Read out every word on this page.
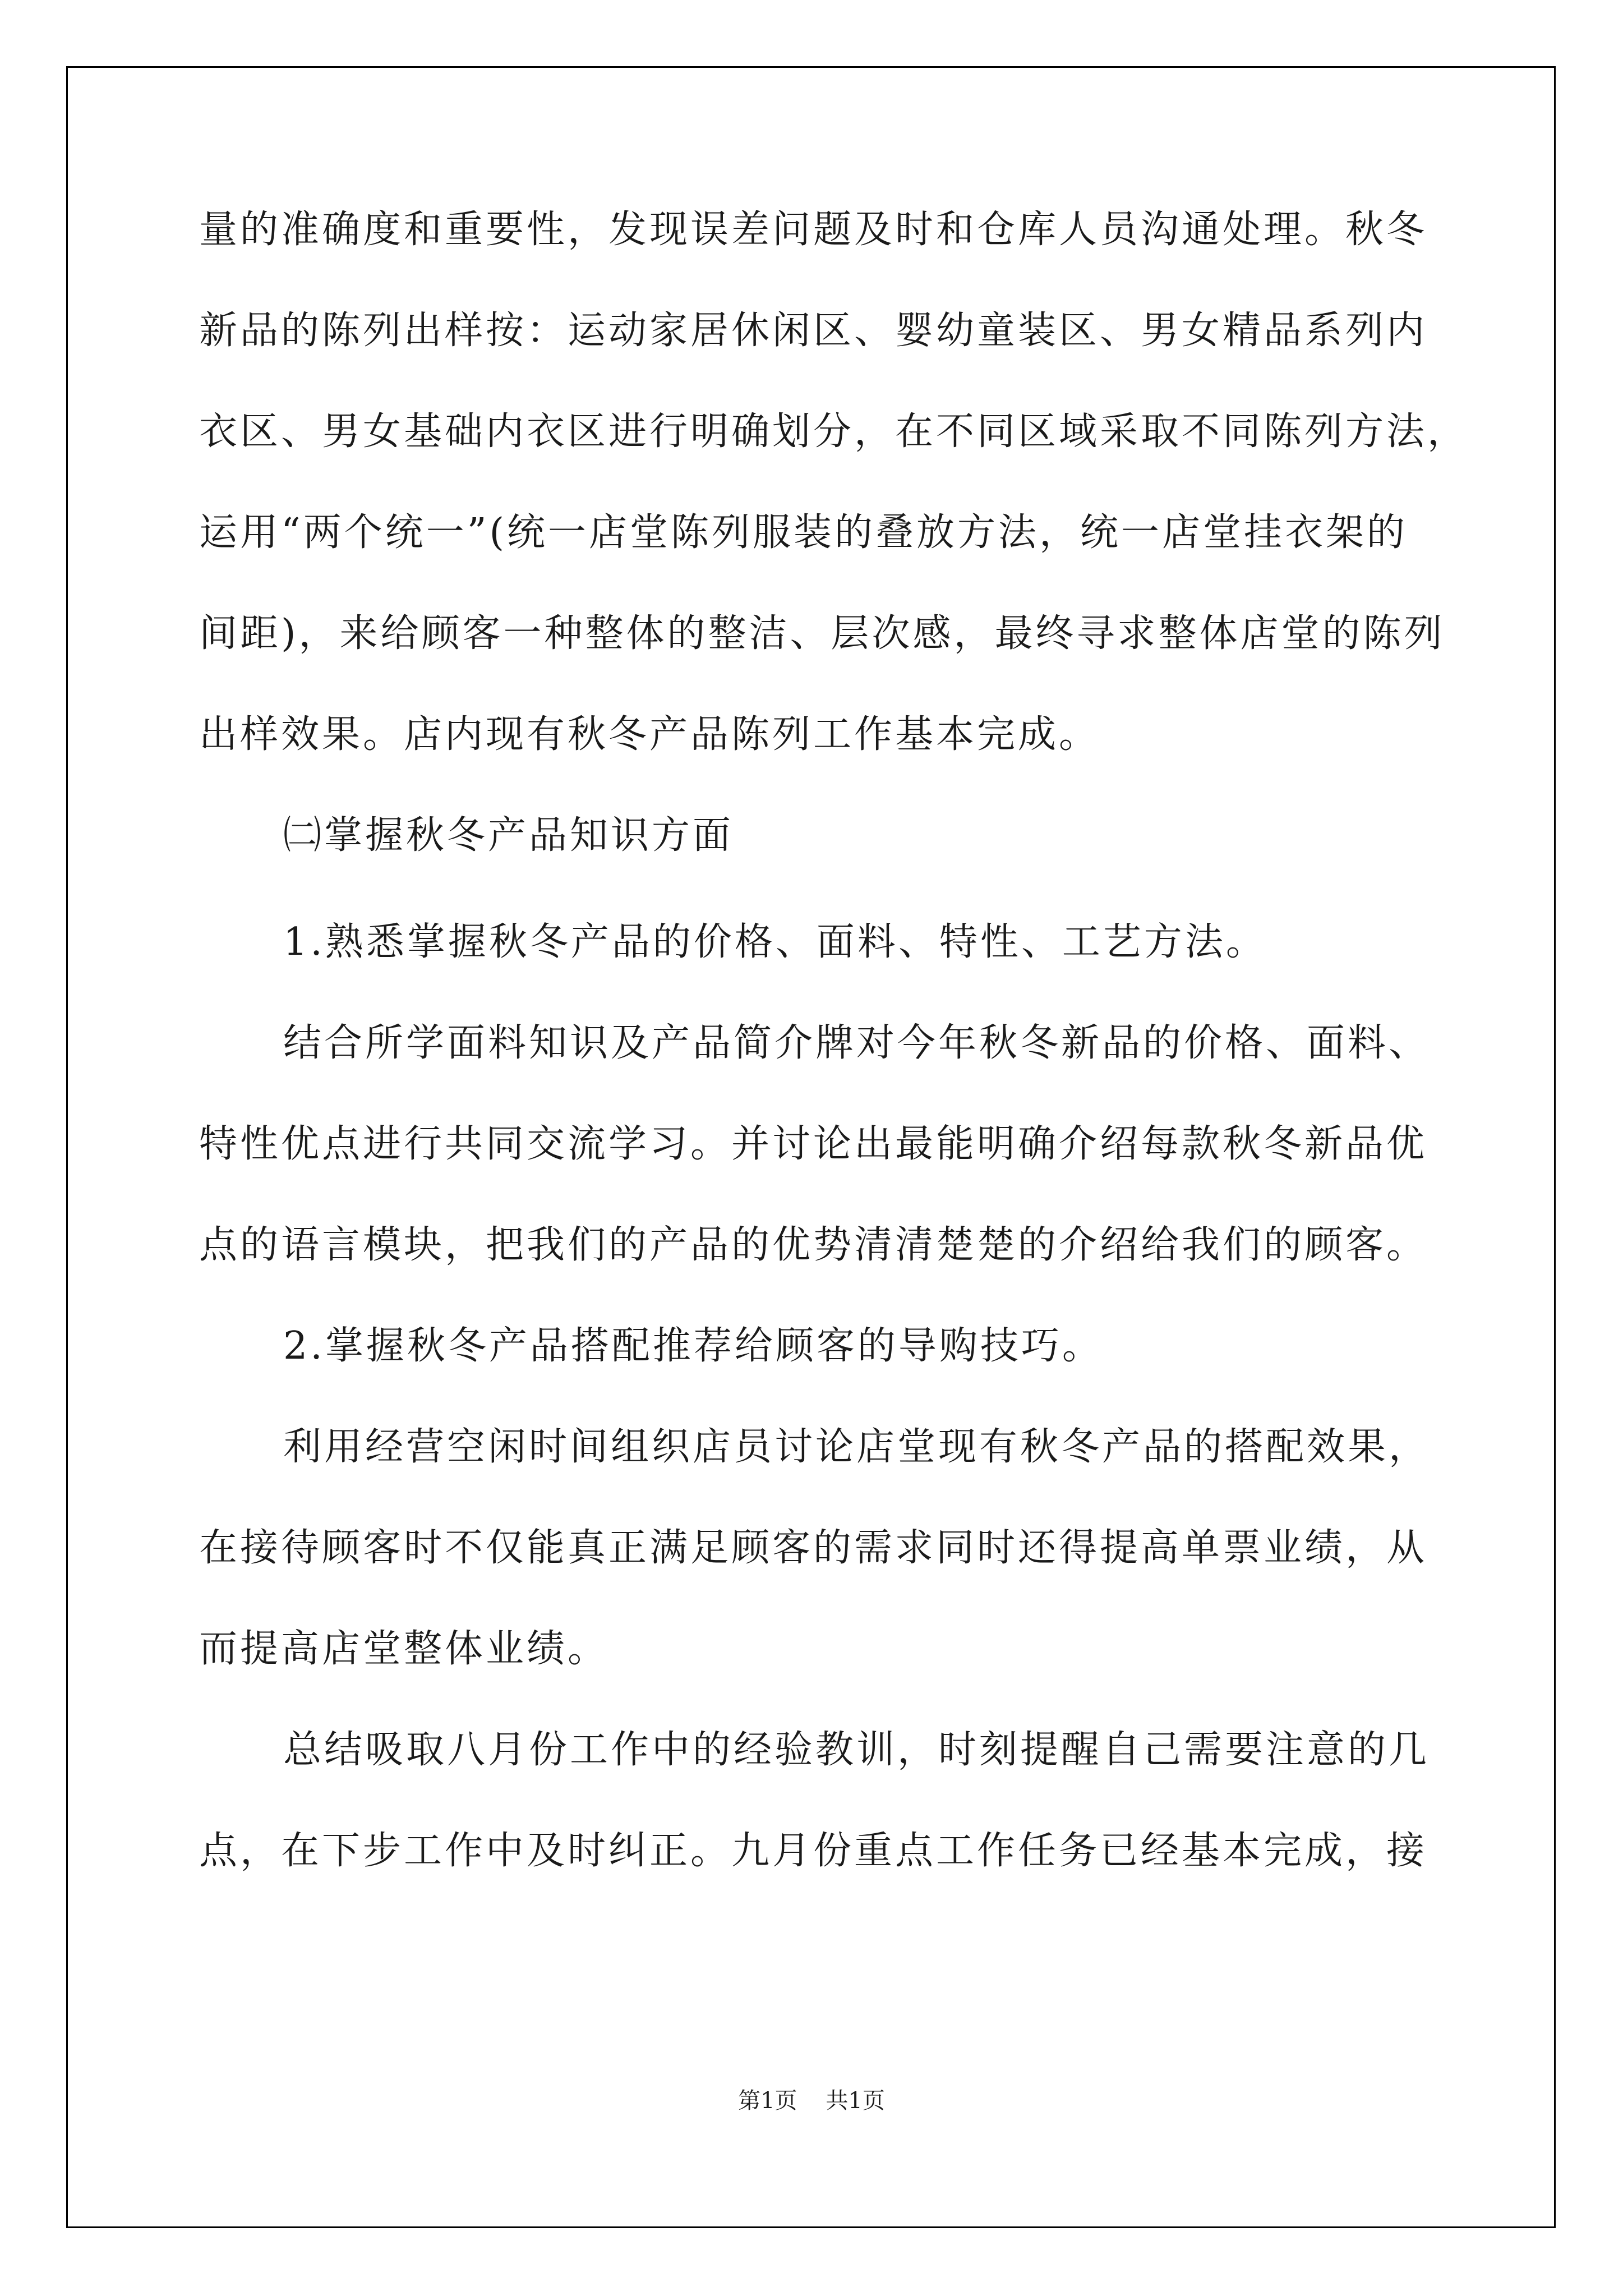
量的准确度和重要性，发现误差问题及时和仓库人员沟通处理。秋冬
新品的陈列出样按：运动家居休闲区、婴幼童装区、男女精品系列内
衣区、男女基础内衣区进行明确划分，在不同区域采取不同陈列方法，
运用“两个统一”(统一店堂陈列服装的叠放方法，统一店堂挂衣架的
间距)，来给顾客一种整体的整洁、层次感，最终寻求整体店堂的陈列
出样效果。店内现有秋冬产品陈列工作基本完成。
㈡掌握秋冬产品知识方面
1.熟悉掌握秋冬产品的价格、面料、特性、工艺方法。
结合所学面料知识及产品简介牌对今年秋冬新品的价格、面料、
特性优点进行共同交流学习。并讨论出最能明确介绍每款秋冬新品优
点的语言模块，把我们的产品的优势清清楚楚的介绍给我们的顾客。
2.掌握秋冬产品搭配推荐给顾客的导购技巧。
利用经营空闲时间组织店员讨论店堂现有秋冬产品的搭配效果，
在接待顾客时不仅能真正满足顾客的需求同时还得提高单票业绩，从
而提高店堂整体业绩。
总结吸取八月份工作中的经验教训，时刻提醒自己需要注意的几
点，在下步工作中及时纠正。九月份重点工作任务已经基本完成，接
第1页 共1页
